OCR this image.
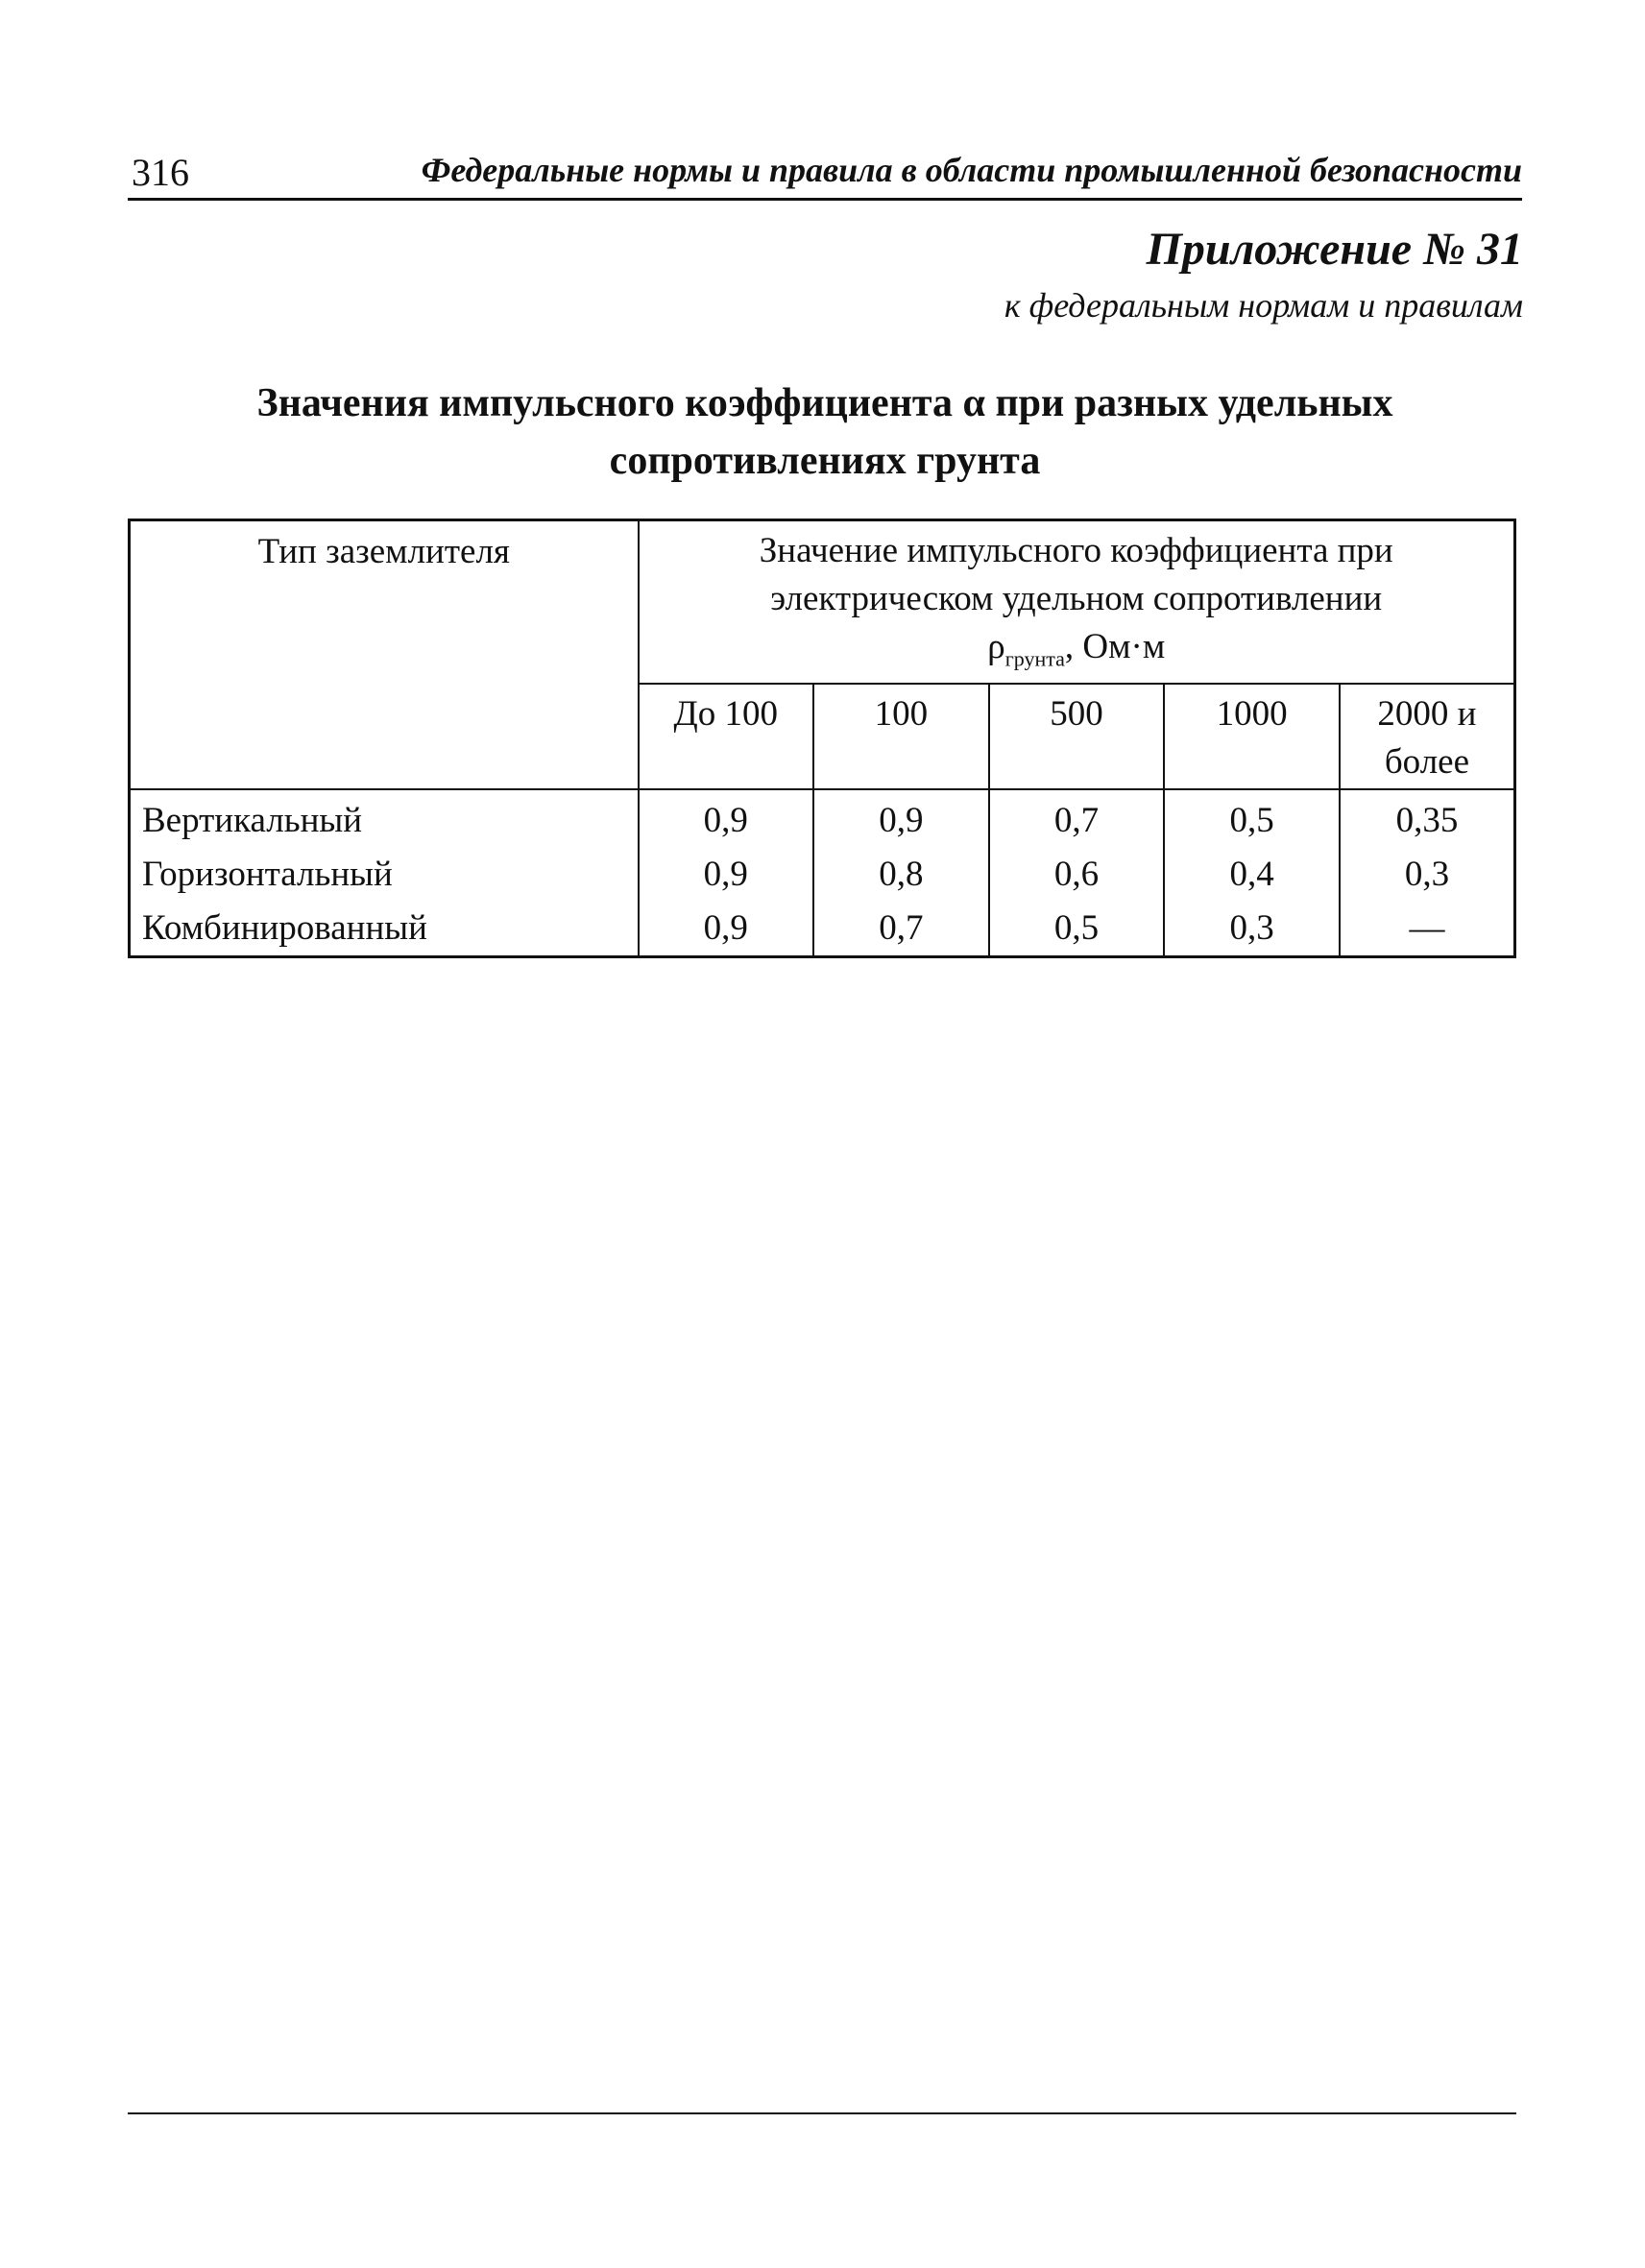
316	Федеральные нормы и правила в области промышленной безопасности
Приложение № 31
к федеральным нормам и правилам
Значения импульсного коэффициента α при разных удельных
сопротивлениях грунта
Тип заземлителя	Значение импульсного коэффициента при
электрическом удельном сопротивлении
$\rho_{грунта}$, Ом·м				

	До 100	100	500	1000	2000 и более
Вертикальный	0,9	0,9	0,7	0,5	0,35
Горизонтальный	0,9	0,8	0,6	0,4	0,3
Комбинированный	0,9	0,7	0,5	0,3	—
